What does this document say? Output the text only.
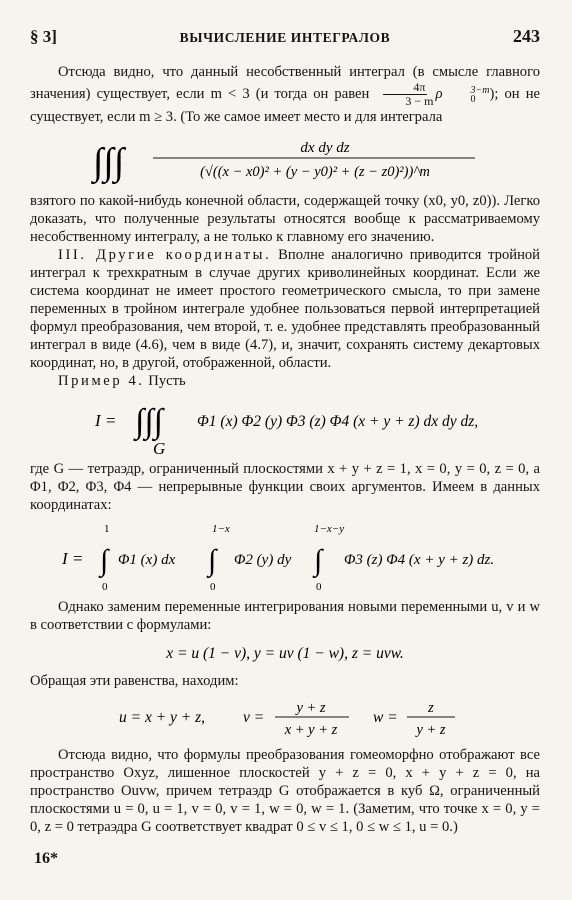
§ 3]	ВЫЧИСЛЕНИЕ ИНТЕГРАЛОВ	243

Отсюда видно, что данный несобственный интеграл (в смысле главного значения) существует, если m < 3 (и тогда он равен $\frac{4\pi}{3 - m}$ ρ	3−m
0 ); он не существует, если m ≥ 3. (То же самое имеет место и для интеграла

∫∫∫	dx dy dz
(√((x − x0)² + (y − y0)² + (z − z0)²))^m

взятого по какой-нибудь конечной области, содержащей точку (x0, y0, z0)). Легко доказать, что полученные результаты относятся вообще к рассматриваемому несобственному интегралу, а не только к главному его значению.

III. Другие координаты. Вполне аналогично приводится тройной интеграл к трехкратным в случае других криволинейных координат. Если же система координат не имеет простого геометрического смысла, то при замене переменных в тройном интеграле удобнее пользоваться первой интерпретацией формул преобразования, чем второй, т. е. удобнее представлять преобразованный интеграл в виде (4.6), чем в виде (4.7), и, значит, сохранять систему декартовых координат, но, в другой, отображенной, области.

Пример 4. Пусть

I = ∫∫∫
G
Φ1 (x) Φ2 (y) Φ3 (z) Φ4 (x + y + z) dx dy dz,

где G — тетраэдр, ограниченный плоскостями x + y + z = 1, x = 0, y = 0, z = 0, а Φ1, Φ2, Φ3, Φ4 — непрерывные функции своих аргументов. Имеем в данных координатах:

I = ∫
1
0
Φ1 (x) dx ∫
1−x
0
Φ2 (y) dy ∫
1−x−y
0
Φ3 (z) Φ4 (x + y + z) dz.

Однако заменим переменные интегрирования новыми переменными u, v и w в соответствии с формулами:

x = u (1 − v), y = uv (1 − w), z = uvw.

Обращая эти равенства, находим:

u = x + y + z, v =
y + z
x + y + z
w =
z
y + z

Отсюда видно, что формулы преобразования гомеоморфно отображают все пространство Oxyz, лишенное плоскостей y + z = 0, x + y + z = 0, на пространство Ouvw, причем тетраэдр G отображается в куб Ω, ограниченный плоскостями u = 0, u = 1, v = 0, v = 1, w = 0, w = 1. (Заметим, что точке x = 0, y = 0, z = 0 тетраэдра G соответствует квадрат 0 ≤ v ≤ 1, 0 ≤ w ≤ 1, u = 0.)

16*
